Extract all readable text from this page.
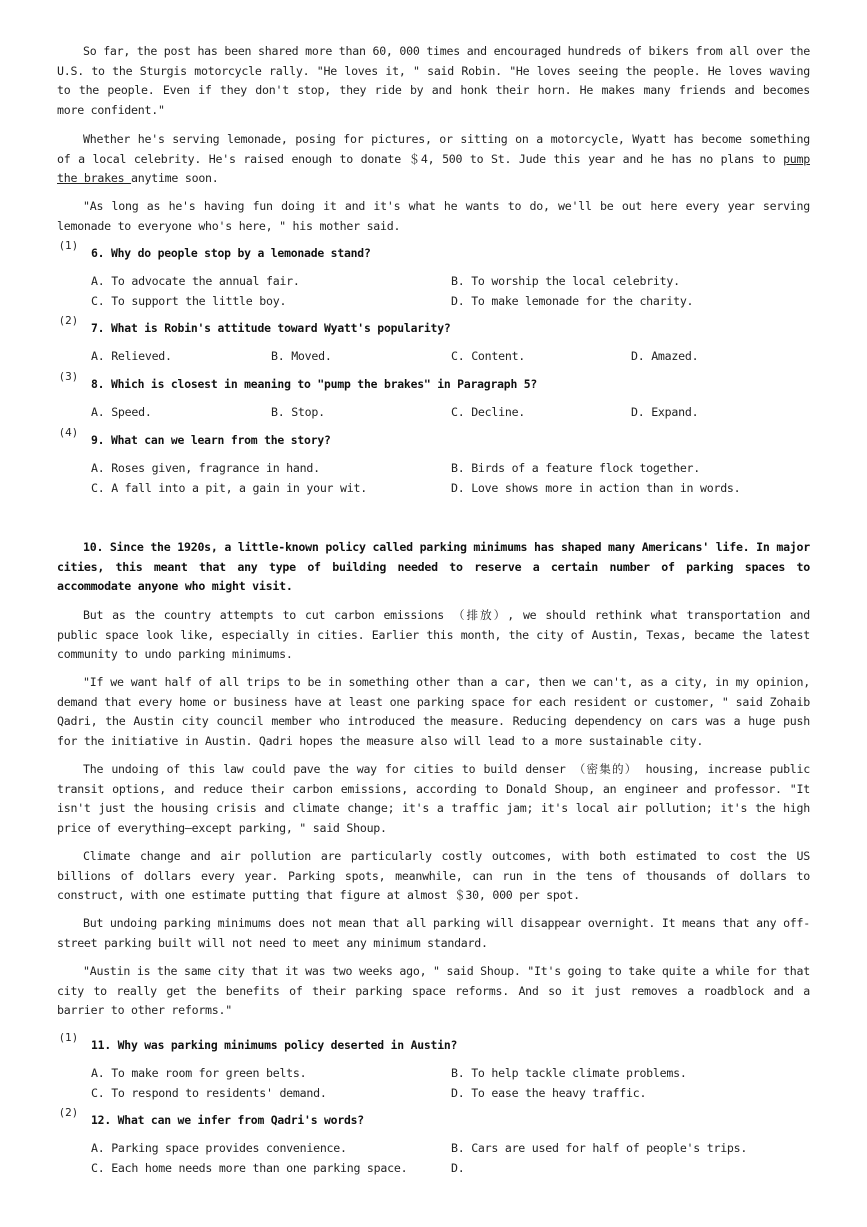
So far, the post has been shared more than 60, 000 times and encouraged hundreds of bikers from all over the U.S. to the Sturgis motorcycle rally. "He loves it, " said Robin. "He loves seeing the people. He loves waving to the people. Even if they don't stop, they ride by and honk their horn. He makes many friends and becomes more confident."

Whether he's serving lemonade, posing for pictures, or sitting on a motorcycle, Wyatt has become something of a local celebrity. He's raised enough to donate ＄4, 500 to St. Jude this year and he has no plans to pump the brakes anytime soon.

"As long as he's having fun doing it and it's what he wants to do, we'll be out here every year serving lemonade to everyone who's here, " his mother said.

(1) 6. Why do people stop by a lemonade stand?
A. To advocate the annual fair.	B. To worship the local celebrity.
C. To support the little boy.	D. To make lemonade for the charity.
(2) 7. What is Robin's attitude toward Wyatt's popularity?
A. Relieved.	B. Moved.	C. Content.	D. Amazed.
(3) 8. Which is closest in meaning to "pump the brakes" in Paragraph 5?
A. Speed.	B. Stop.	C. Decline.	D. Expand.
(4) 9. What can we learn from the story?
A. Roses given, fragrance in hand.	B. Birds of a feature flock together.
C. A fall into a pit, a gain in your wit.	D. Love shows more in action than in words.

10. Since the 1920s, a little-known policy called parking minimums has shaped many Americans' life. In major cities, this meant that any type of building needed to reserve a certain number of parking spaces to accommodate anyone who might visit.

But as the country attempts to cut carbon emissions （排放）, we should rethink what transportation and public space look like, especially in cities. Earlier this month, the city of Austin, Texas, became the latest community to undo parking minimums.

"If we want half of all trips to be in something other than a car, then we can't, as a city, in my opinion, demand that every home or business have at least one parking space for each resident or customer, " said Zohaib Qadri, the Austin city council member who introduced the measure. Reducing dependency on cars was a huge push for the initiative in Austin. Qadri hopes the measure also will lead to a more sustainable city.

The undoing of this law could pave the way for cities to build denser （密集的） housing, increase public transit options, and reduce their carbon emissions, according to Donald Shoup, an engineer and professor. "It isn't just the housing crisis and climate change; it's a traffic jam; it's local air pollution; it's the high price of everything—except parking, " said Shoup.

Climate change and air pollution are particularly costly outcomes, with both estimated to cost the US billions of dollars every year. Parking spots, meanwhile, can run in the tens of thousands of dollars to construct, with one estimate putting that figure at almost ＄30, 000 per spot.

But undoing parking minimums does not mean that all parking will disappear overnight. It means that any off-street parking built will not need to meet any minimum standard.

"Austin is the same city that it was two weeks ago, " said Shoup. "It's going to take quite a while for that city to really get the benefits of their parking space reforms. And so it just removes a roadblock and a barrier to other reforms."

(1) 11. Why was parking minimums policy deserted in Austin?
A. To make room for green belts.	B. To help tackle climate problems.
C. To respond to residents' demand.	D. To ease the heavy traffic.
(2) 12. What can we infer from Qadri's words?
A. Parking space provides convenience.	B. Cars are used for half of people's trips.
C. Each home needs more than one parking space.	D.
